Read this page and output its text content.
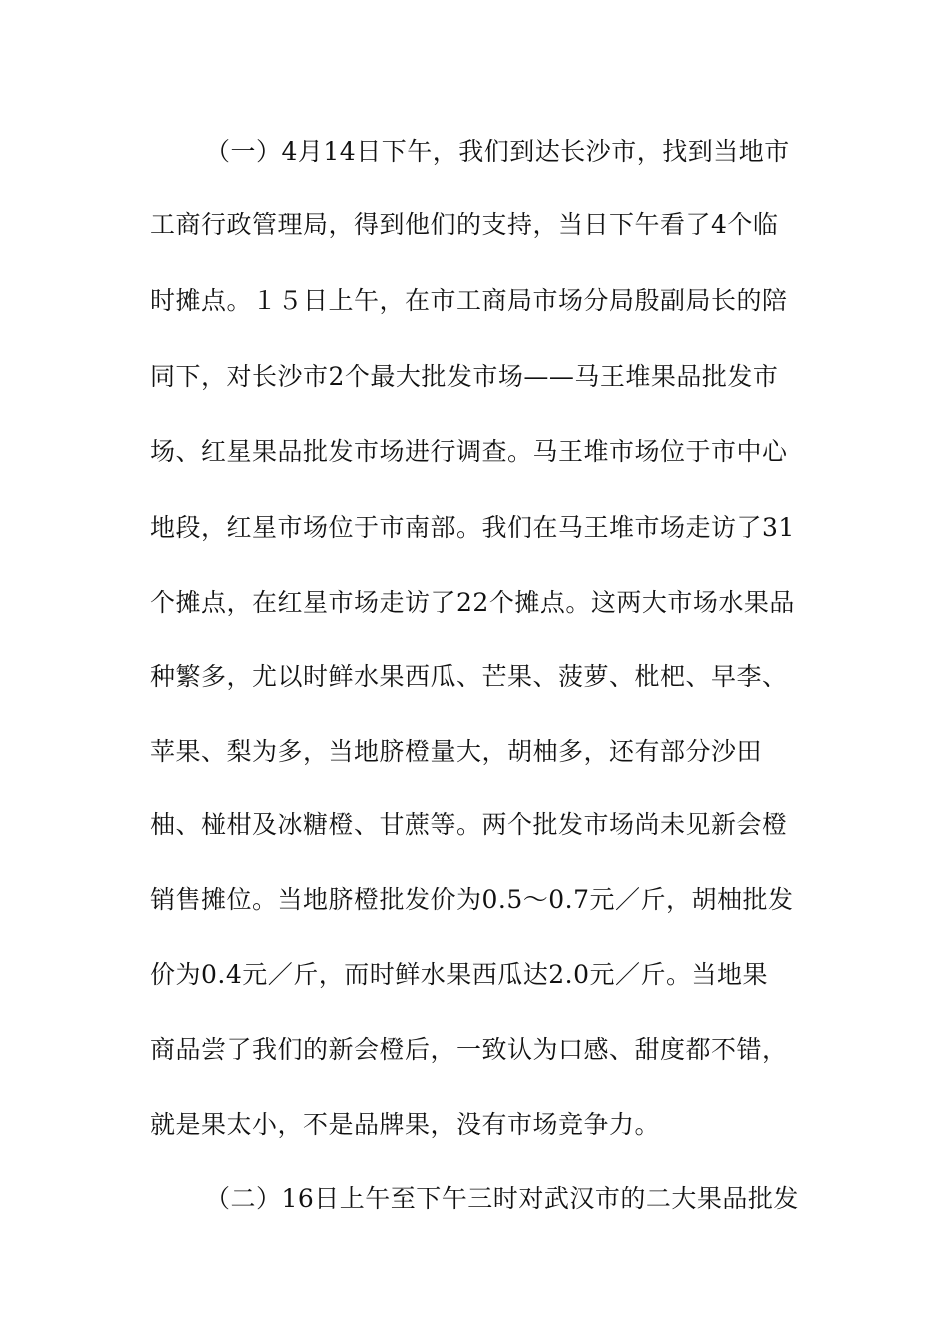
（一）4月14日下午，我们到达长沙市，找到当地市
工商行政管理局，得到他们的支持，当日下午看了4个临
时摊点。１５日上午，在市工商局市场分局殷副局长的陪
同下，对长沙市2个最大批发市场——马王堆果品批发市
场、红星果品批发市场进行调查。马王堆市场位于市中心
地段，红星市场位于市南部。我们在马王堆市场走访了31
个摊点，在红星市场走访了22个摊点。这两大市场水果品
种繁多，尤以时鲜水果西瓜、芒果、菠萝、枇杷、早李、
苹果、梨为多，当地脐橙量大，胡柚多，还有部分沙田
柚、椪柑及冰糖橙、甘蔗等。两个批发市场尚未见新会橙
销售摊位。当地脐橙批发价为0.5～0.7元／斤，胡柚批发
价为0.4元／斤，而时鲜水果西瓜达2.0元／斤。当地果
商品尝了我们的新会橙后，一致认为口感、甜度都不错，
就是果太小，不是品牌果，没有市场竞争力。
（二）16日上午至下午三时对武汉市的二大果品批发
